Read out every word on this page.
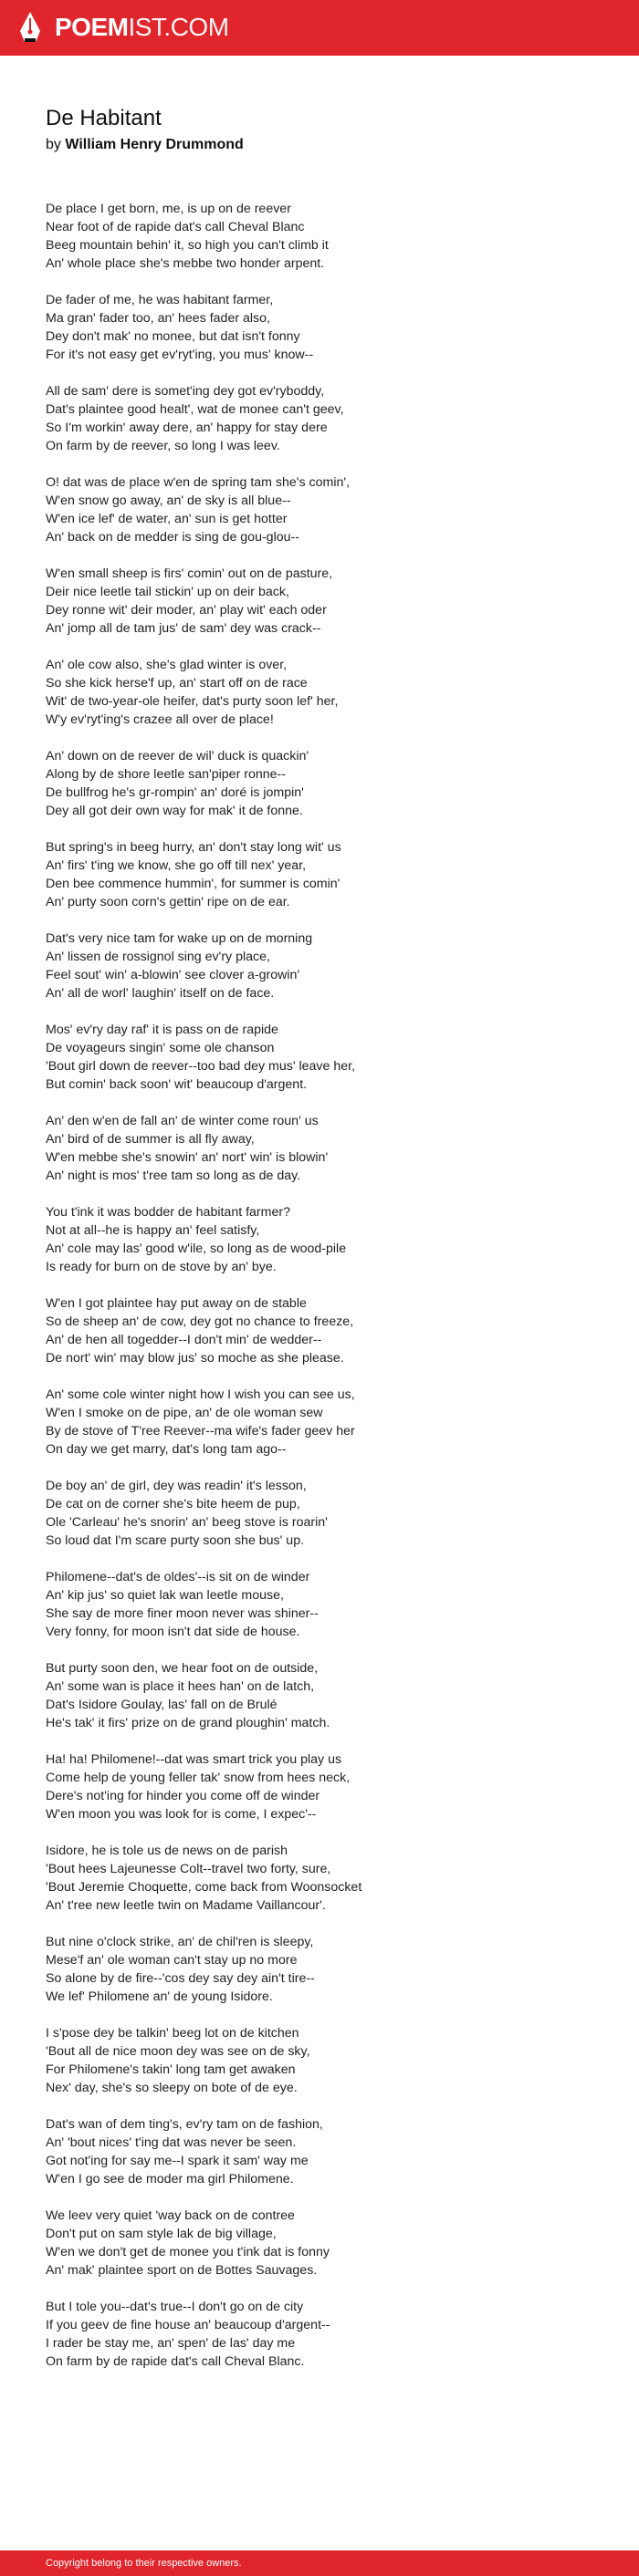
POEMIST.COM
De Habitant
by William Henry Drummond
De place I get born, me, is up on de reever
Near foot of de rapide dat's call Cheval Blanc
Beeg mountain behin' it, so high you can't climb it
An' whole place she's mebbe two honder arpent.
De fader of me, he was habitant farmer,
Ma gran' fader too, an' hees fader also,
Dey don't mak' no monee, but dat isn't fonny
For it's not easy get ev'ryt'ing, you mus' know--
All de sam' dere is somet'ing dey got ev'ryboddy,
Dat's plaintee good healt', wat de monee can't geev,
So I'm workin' away dere, an' happy for stay dere
On farm by de reever, so long I was leev.
O! dat was de place w'en de spring tam she's comin',
W'en snow go away, an' de sky is all blue--
W'en ice lef' de water, an' sun is get hotter
An' back on de medder is sing de gou-glou--
W'en small sheep is firs' comin' out on de pasture,
Deir nice leetle tail stickin' up on deir back,
Dey ronne wit' deir moder, an' play wit' each oder
An' jomp all de tam jus' de sam' dey was crack--
An' ole cow also, she's glad winter is over,
So she kick herse'f up, an' start off on de race
Wit' de two-year-ole heifer, dat's purty soon lef' her,
W'y ev'ryt'ing's crazee all over de place!
An' down on de reever de wil' duck is quackin'
Along by de shore leetle san'piper ronne--
De bullfrog he's gr-rompin' an' doré is jompin'
Dey all got deir own way for mak' it de fonne.
But spring's in beeg hurry, an' don't stay long wit' us
An' firs' t'ing we know, she go off till nex' year,
Den bee commence hummin', for summer is comin'
An' purty soon corn's gettin' ripe on de ear.
Dat's very nice tam for wake up on de morning
An' lissen de rossignol sing ev'ry place,
Feel sout' win' a-blowin' see clover a-growin'
An' all de worl' laughin' itself on de face.
Mos' ev'ry day raf' it is pass on de rapide
De voyageurs singin' some ole chanson
'Bout girl down de reever--too bad dey mus' leave her,
But comin' back soon' wit' beaucoup d'argent.
An' den w'en de fall an' de winter come roun' us
An' bird of de summer is all fly away,
W'en mebbe she's snowin' an' nort' win' is blowin'
An' night is mos' t'ree tam so long as de day.
You t'ink it was bodder de habitant farmer?
Not at all--he is happy an' feel satisfy,
An' cole may las' good w'ile, so long as de wood-pile
Is ready for burn on de stove by an' bye.
W'en I got plaintee hay put away on de stable
So de sheep an' de cow, dey got no chance to freeze,
An' de hen all togedder--I don't min' de wedder--
De nort' win' may blow jus' so moche as she please.
An' some cole winter night how I wish you can see us,
W'en I smoke on de pipe, an' de ole woman sew
By de stove of T'ree Reever--ma wife's fader geev her
On day we get marry, dat's long tam ago--
De boy an' de girl, dey was readin' it's lesson,
De cat on de corner she's bite heem de pup,
Ole 'Carleau' he's snorin' an' beeg stove is roarin'
So loud dat I'm scare purty soon she bus' up.
Philomene--dat's de oldes'--is sit on de winder
An' kip jus' so quiet lak wan leetle mouse,
She say de more finer moon never was shiner--
Very fonny, for moon isn't dat side de house.
But purty soon den, we hear foot on de outside,
An' some wan is place it hees han' on de latch,
Dat's Isidore Goulay, las' fall on de Brulé
He's tak' it firs' prize on de grand ploughin' match.
Ha! ha! Philomene!--dat was smart trick you play us
Come help de young feller tak' snow from hees neck,
Dere's not'ing for hinder you come off de winder
W'en moon you was look for is come, I expec'--
Isidore, he is tole us de news on de parish
'Bout hees Lajeunesse Colt--travel two forty, sure,
'Bout Jeremie Choquette, come back from Woonsocket
An' t'ree new leetle twin on Madame Vaillancour'.
But nine o'clock strike, an' de chil'ren is sleepy,
Mese'f an' ole woman can't stay up no more
So alone by de fire--'cos dey say dey ain't tire--
We lef' Philomene an' de young Isidore.
I s'pose dey be talkin' beeg lot on de kitchen
'Bout all de nice moon dey was see on de sky,
For Philomene's takin' long tam get awaken
Nex' day, she's so sleepy on bote of de eye.
Dat's wan of dem ting's, ev'ry tam on de fashion,
An' 'bout nices' t'ing dat was never be seen.
Got not'ing for say me--I spark it sam' way me
W'en I go see de moder ma girl Philomene.
We leev very quiet 'way back on de contree
Don't put on sam style lak de big village,
W'en we don't get de monee you t'ink dat is fonny
An' mak' plaintee sport on de Bottes Sauvages.
But I tole you--dat's true--I don't go on de city
If you geev de fine house an' beaucoup d'argent--
I rader be stay me, an' spen' de las' day me
On farm by de rapide dat's call Cheval Blanc.
Copyright belong to their respective owners.
